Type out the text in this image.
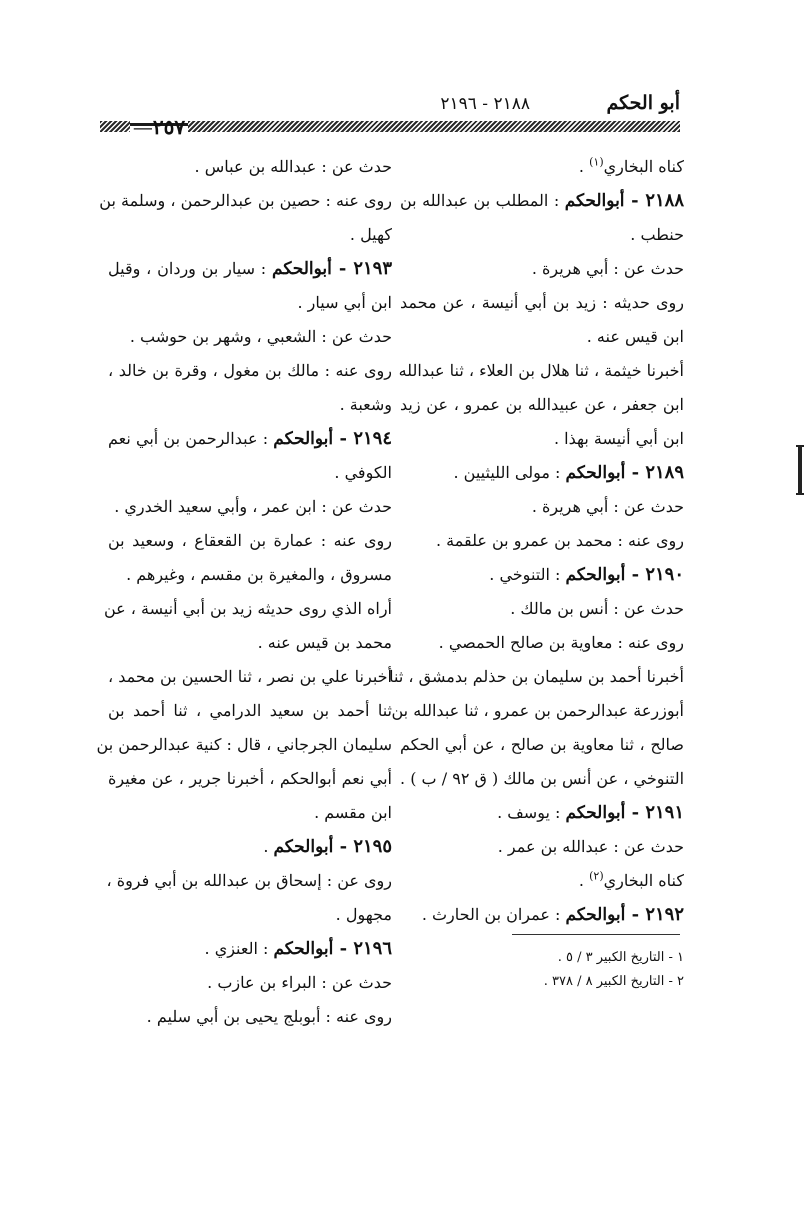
أبو الحكم
٢١٨٨ - ٢١٩٦
—٢٥٧
كناه البخاري$^{(١)}$ .
٢١٨٨ - أبوالحكم : المطلب بن عبدالله بن
حنطب .
حدث عن : أبي هريرة .
روى حديثه : زيد بن أبي أنيسة ، عن محمد
ابن قيس عنه .
أخبرنا خيثمة ، ثنا هلال بن العلاء ، ثنا عبدالله
ابن جعفر ، عن عبيدالله بن عمرو ، عن زيد
ابن أبي أنيسة بهذا .
٢١٨٩ - أبوالحكم : مولى الليثيين .
حدث عن : أبي هريرة .
روى عنه : محمد بن عمرو بن علقمة .
٢١٩٠ - أبوالحكم : التنوخي .
حدث عن : أنس بن مالك .
روى عنه : معاوية بن صالح الحمصي .
أخبرنا أحمد بن سليمان بن حذلم بدمشق ، ثنا
أبوزرعة عبدالرحمن بن عمرو ، ثنا عبدالله بن
صالح ، ثنا معاوية بن صالح ، عن أبي الحكم
التنوخي ، عن أنس بن مالك ( ق ٩٢ / ب ) .
٢١٩١ - أبوالحكم : يوسف .
حدث عن : عبدالله بن عمر .
كناه البخاري$^{(٢)}$ .
٢١٩٢ - أبوالحكم : عمران بن الحارث .
حدث عن : عبدالله بن عباس .
روى عنه : حصين بن عبدالرحمن ، وسلمة بن
كهيل .
٢١٩٣ - أبوالحكم : سيار بن وردان ، وقيل
ابن أبي سيار .
حدث عن : الشعبي ، وشهر بن حوشب .
روى عنه : مالك بن مغول ، وقرة بن خالد ،
وشعبة .
٢١٩٤ - أبوالحكم : عبدالرحمن بن أبي نعم
الكوفي .
حدث عن : ابن عمر ، وأبي سعيد الخدري .
روى عنه : عمارة بن القعقاع ، وسعيد بن
مسروق ، والمغيرة بن مقسم ، وغيرهم .
أراه الذي روى حديثه زيد بن أبي أنيسة ، عن
محمد بن قيس عنه .
أخبرنا علي بن نصر ، ثنا الحسين بن محمد ،
ثنا أحمد بن سعيد الدرامي ، ثنا أحمد بن
سليمان الجرجاني ، قال : كنية عبدالرحمن بن
أبي نعم أبوالحكم ، أخبرنا جرير ، عن مغيرة
ابن مقسم .
٢١٩٥ - أبوالحكم .
روى عن : إسحاق بن عبدالله بن أبي فروة ،
مجهول .
٢١٩٦ - أبوالحكم : العنزي .
حدث عن : البراء بن عازب .
روى عنه : أبوبلج يحيى بن أبي سليم .
١ - التاريخ الكبير ٣ / ٥ .
٢ - التاريخ الكبير ٨ / ٣٧٨ .
